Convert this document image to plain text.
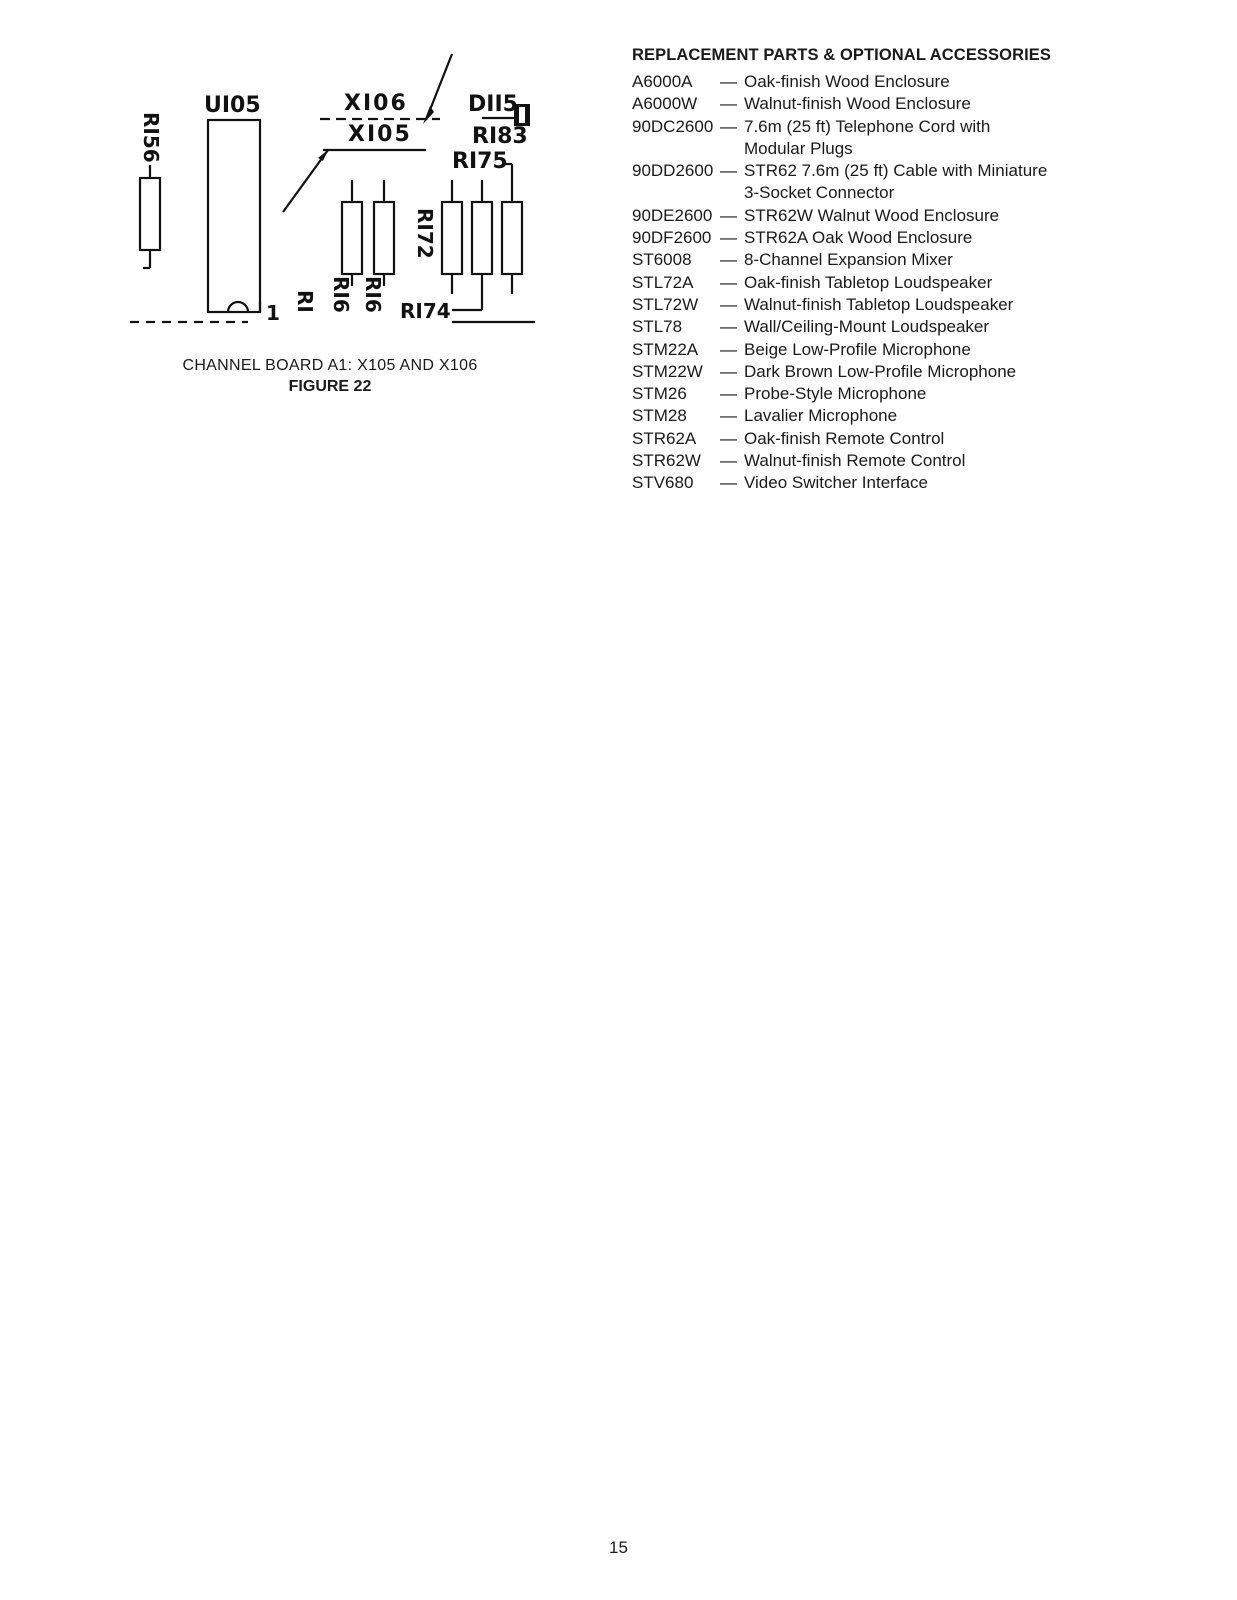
UI05	XI06
XI05
DII5
RI83
RI75
RI74
1
RI56
RI72
RI6 RI6
RI
CHANNEL BOARD A1: X105 AND X106
FIGURE 22
REPLACEMENT PARTS & OPTIONAL ACCESSORIES
A6000A	— Oak-finish Wood Enclosure
A6000W	— Walnut-finish Wood Enclosure
90DC2600 — 7.6m (25 ft) Telephone Cord with
Modular Plugs
90DD2600 — STR62 7.6m (25 ft) Cable with Miniature
3-Socket Connector
90DE2600 — STR62W Walnut Wood Enclosure
90DF2600 — STR62A Oak Wood Enclosure
ST6008	— 8-Channel Expansion Mixer
STL72A	— Oak-finish Tabletop Loudspeaker
STL72W	— Walnut-finish Tabletop Loudspeaker
STL78	— Wall/Ceiling-Mount Loudspeaker
STM22A	— Beige Low-Profile Microphone
STM22W	— Dark Brown Low-Profile Microphone
STM26	— Probe-Style Microphone
STM28	— Lavalier Microphone
STR62A	— Oak-finish Remote Control
STR62W	— Walnut-finish Remote Control
STV680	— Video Switcher Interface
15
